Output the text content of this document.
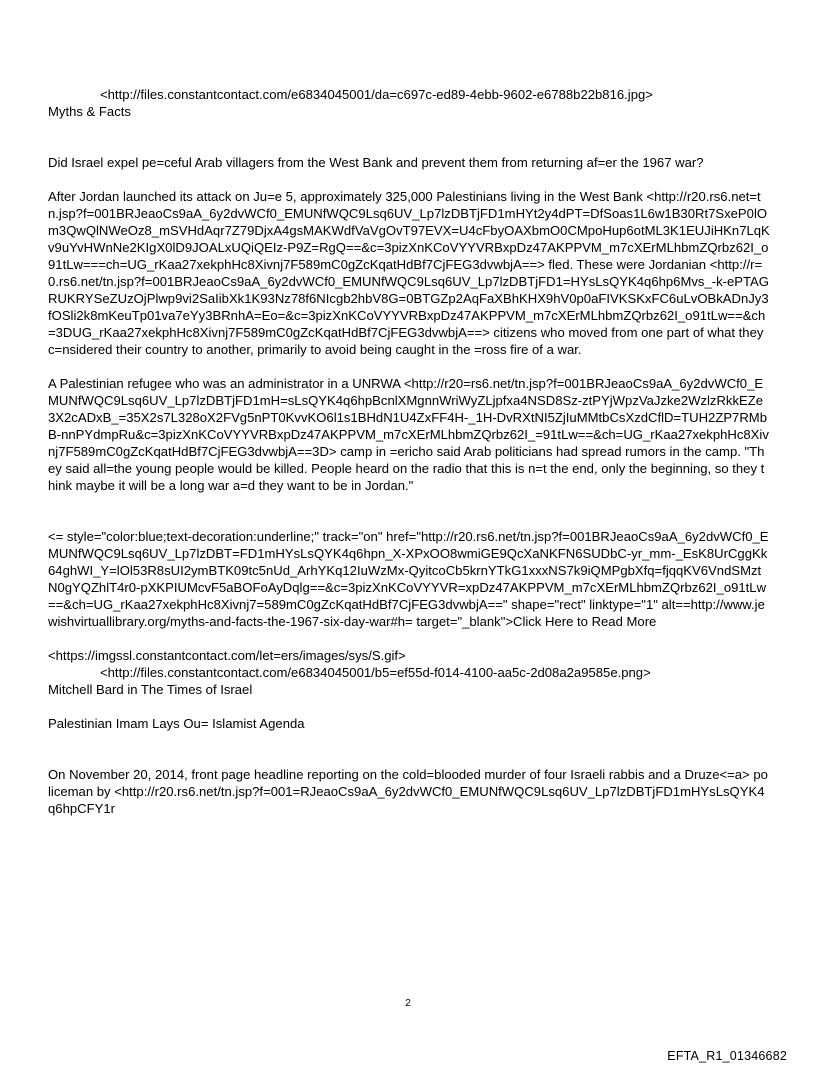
<http://files.constantcontact.com/e6834045001/da=c697c-ed89-4ebb-9602-e6788b22b816.jpg>

Myths & Facts

Did Israel expel pe=ceful Arab villagers from the West Bank and prevent them from returning af=er the 1967 war?

After Jordan launched its attack on Ju=e 5, approximately 325,000 Palestinians living in the West Bank <http://r20.rs6.net=tn.jsp?f=001BRJeaoCs9aA_6y2dvWCf0_EMUNfWQC9Lsq6UV_Lp7lzDBTjFD1mHYt2y4dPT=DfSoas1L6w1B30Rt7SxeP0lOm3QwQlNWeOz8_mSVHdAqr7Z79DjxA4gsMAKWdfVaVgOvT97EVX=U4cFbyOAXbmO0CMpoHup6otML3K1EUJiHKn7LqKv9uYvHWnNe2KIgX0lD9JOALxUQiQEIz-P9Z=RgQ==&c=3pizXnKCoVYYVRBxpDz47AKPPVM_m7cXErMLhbmZQrbz62I_o91tLw===ch=UG_rKaa27xekphHc8Xivnj7F589mC0gZcKqatHdBf7CjFEG3dvwbjA==> fled. These were Jordanian <http://r=0.rs6.net/tn.jsp?f=001BRJeaoCs9aA_6y2dvWCf0_EMUNfWQC9Lsq6UV_Lp7lzDBTjFD1=HYsLsQYK4q6hp6Mvs_-k-ePTAGRUKRYSeZUzOjPlwp9vi2SaIibXk1K93Nz78f6NIcgb2hbV8G=0BTGZp2AqFaXBhKHX9hV0p0aFIVKSKxFC6uLvOBkADnJy3fOSli2k8mKeuTp01va7eYy3BRnhA=Eo=&c=3pizXnKCoVYYVRBxpDz47AKPPVM_m7cXErMLhbmZQrbz62I_o91tLw==&ch=3DUG_rKaa27xekphHc8Xivnj7F589mC0gZcKqatHdBf7CjFEG3dvwbjA==> citizens who moved from one part of what they c=nsidered their country to another, primarily to avoid being caught in the =ross fire of a war.

A Palestinian refugee who was an administrator in a UNRWA <http://r20=rs6.net/tn.jsp?f=001BRJeaoCs9aA_6y2dvWCf0_EMUNfWQC9Lsq6UV_Lp7lzDBTjFD1mH=sLsQYK4q6hpBcnlXMgnnWriWyZLjpfxa4NSD8Sz-ztPYjWpzVaJzke2WzlzRkkEZe3X2cADxB_=35X2s7L328oX2FVg5nPT0KvvKO6l1s1BHdN1U4ZxFF4H-_1H-DvRXtNI5ZjIuMMtbCsXzdCflD=TUH2ZP7RMbB-nnPYdmpRu&c=3pizXnKCoVYYVRBxpDz47AKPPVM_m7cXErMLhbmZQrbz62I_=91tLw==&ch=UG_rKaa27xekphHc8Xivnj7F589mC0gZcKqatHdBf7CjFEG3dvwbjA==3D> camp in =ericho said Arab politicians had spread rumors in the camp. "They said all=the young people would be killed. People heard on the radio that this is n=t the end, only the beginning, so they think maybe it will be a long war a=d they want to be in Jordan."

<= style="color:blue;text-decoration:underline;" track="on" href="http://r20.rs6.net/tn.jsp?f=001BRJeaoCs9aA_6y2dvWCf0_EMUNfWQC9Lsq6UV_Lp7lzDBT=FD1mHYsLsQYK4q6hpn_X-XPxOO8wmiGE9QcXaNKFN6SUDbC-yr_mm-_EsK8UrCggKk64ghWI_Y=lOl53R8sUI2ymBTK09tc5nUd_ArhYKq12IuWzMx-QyitcoCb5krnYTkG1xxxNS7k9iQMPgbXfq=fjqqKV6VndSMztN0gYQZhlT4r0-pXKPIUMcvF5aBOFoAyDqlg==&c=3pizXnKCoVYYVR=xpDz47AKPPVM_m7cXErMLhbmZQrbz62I_o91tLw==&ch=UG_rKaa27xekphHc8Xivnj7=589mC0gZcKqatHdBf7CjFEG3dvwbjA==" shape="rect" linktype="1" alt==http://www.jewishvirtuallibrary.org/myths-and-facts-the-1967-six-day-war#h= target="_blank">Click Here to Read More

<https://imgssl.constantcontact.com/let=ers/images/sys/S.gif>

<http://files.constantcontact.com/e6834045001/b5=ef55d-f014-4100-aa5c-2d08a2a9585e.png>

Mitchell Bard in The Times of Israel

Palestinian Imam Lays Ou= Islamist Agenda

On November 20, 2014, front page headline reporting on the cold=blooded murder of four Israeli rabbis and a Druze<=a> policeman by <http://r20.rs6.net/tn.jsp?f=001=RJeaoCs9aA_6y2dvWCf0_EMUNfWQC9Lsq6UV_Lp7lzDBTjFD1mHYsLsQYK4q6hpCFY1r

2
EFTA_R1_01346682
